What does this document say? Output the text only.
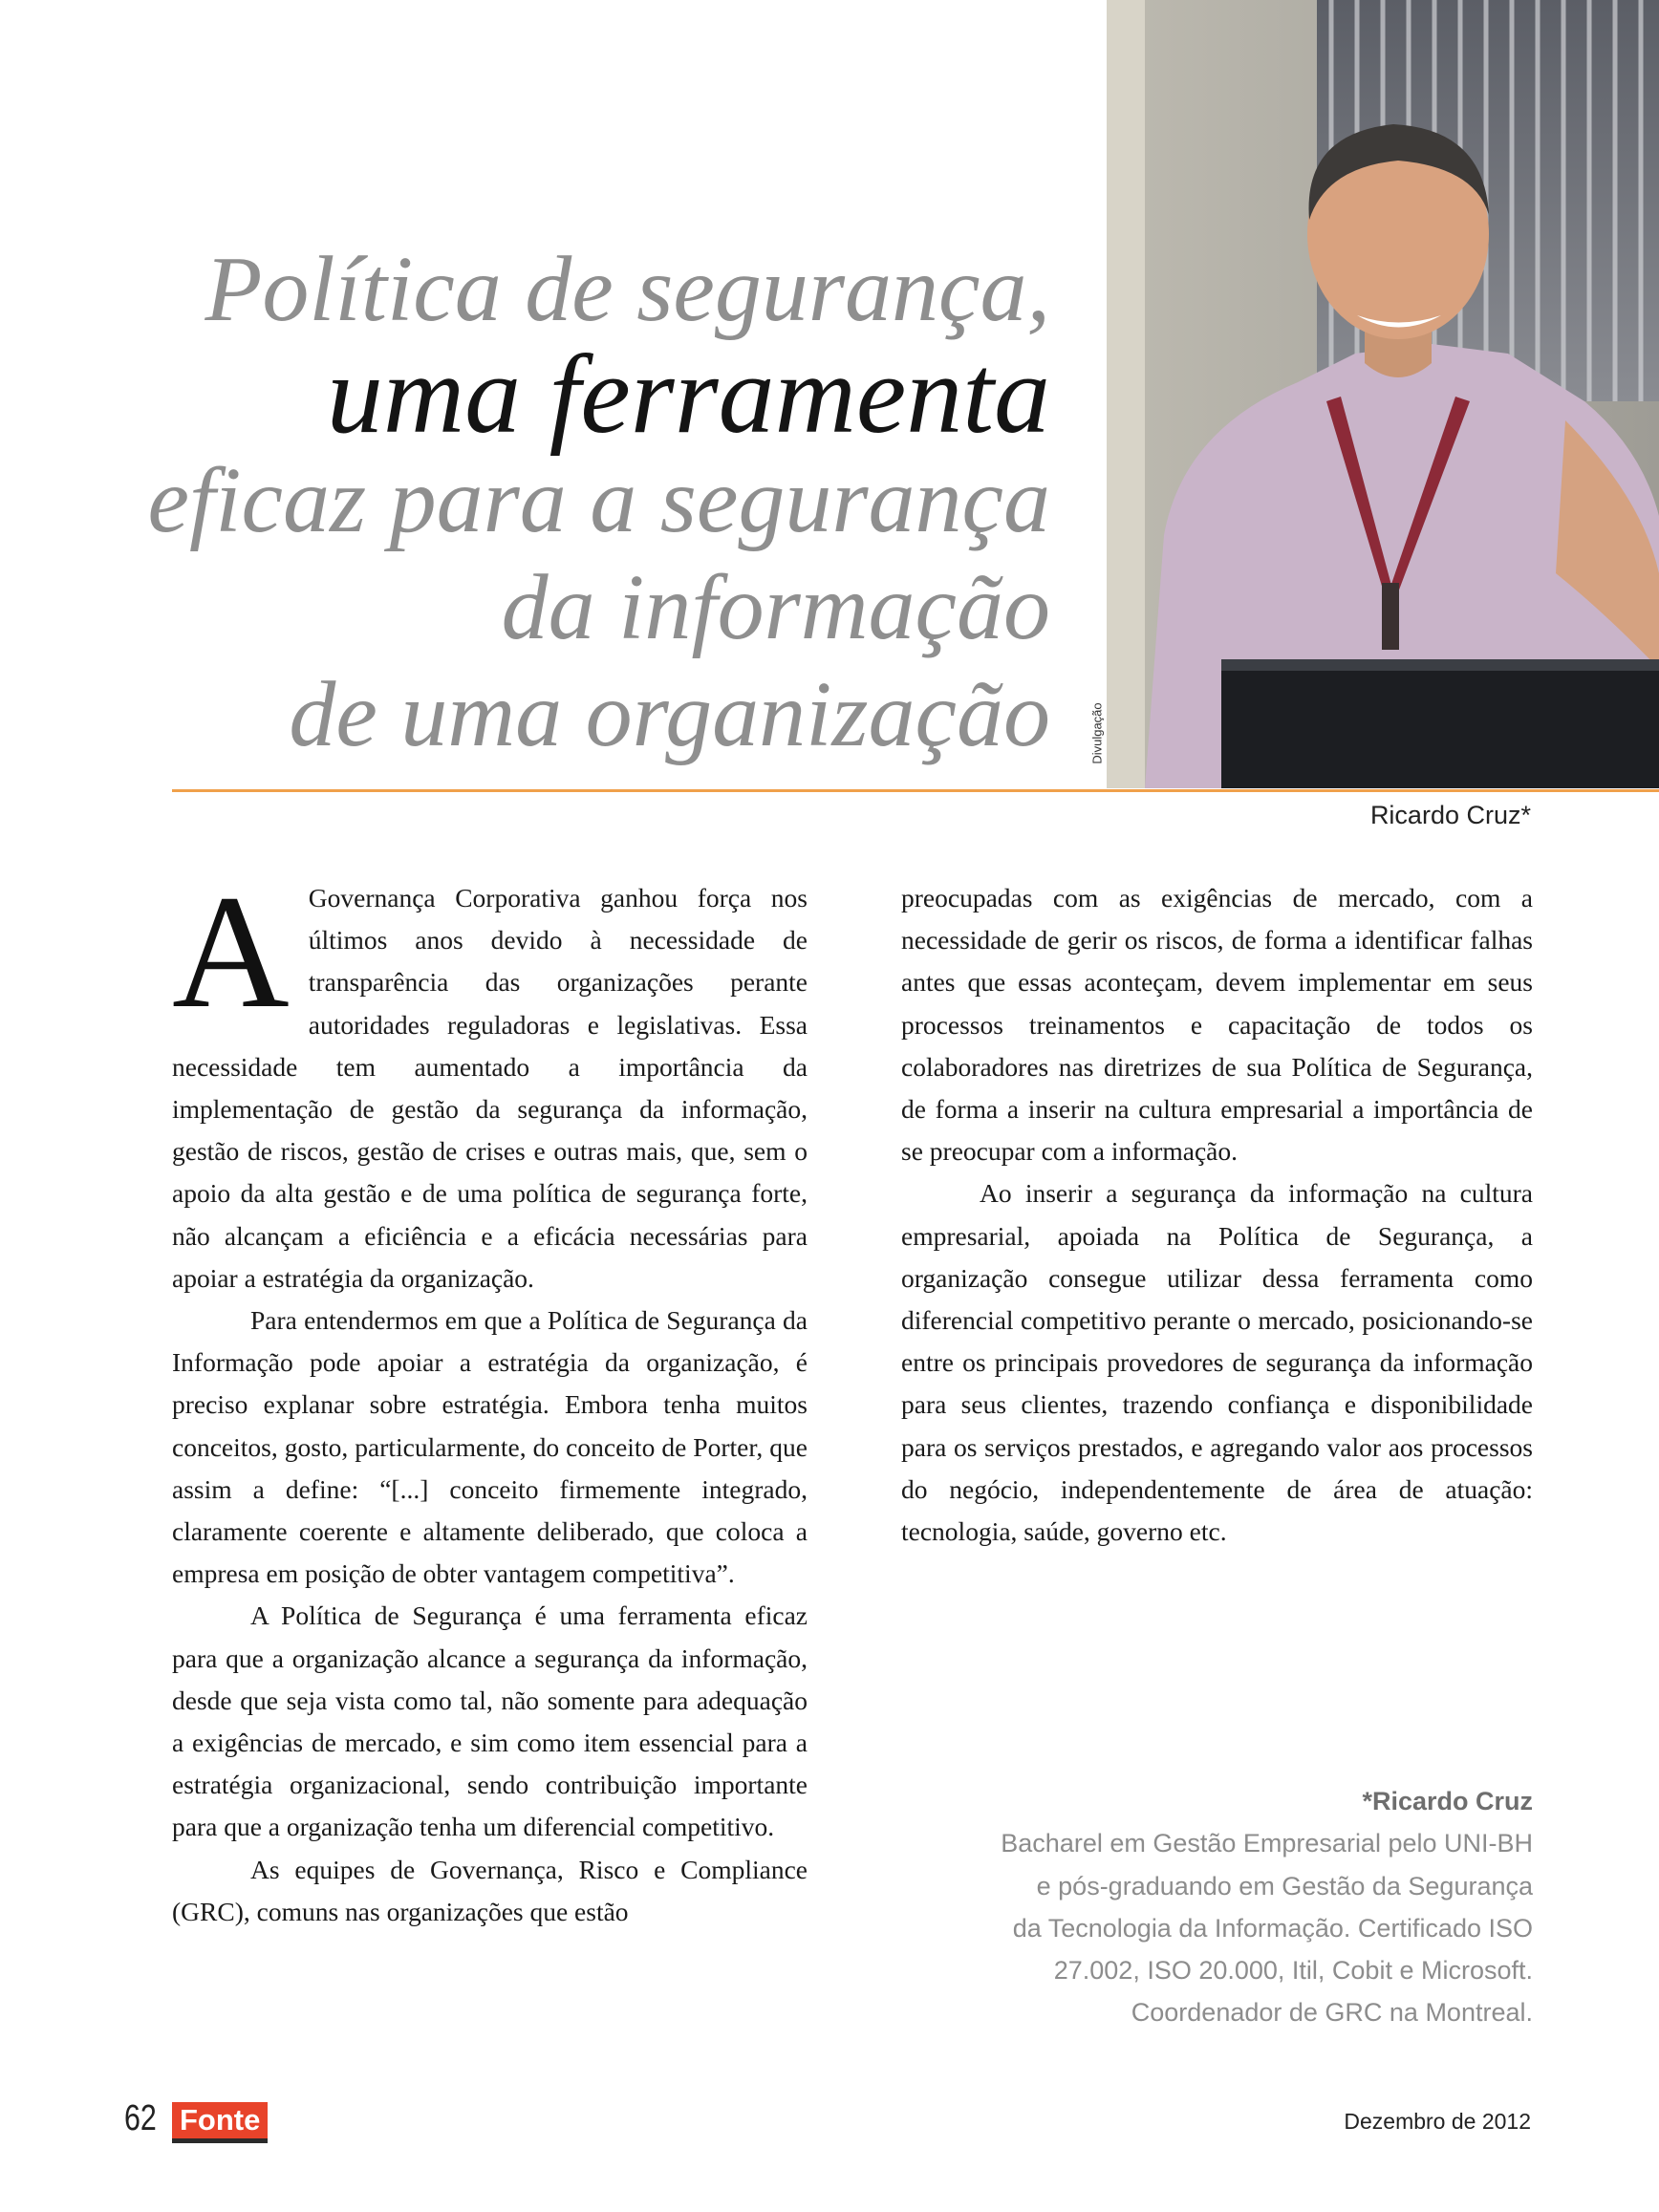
Política de segurança,
uma ferramenta
eficaz para a segurança
da informação
de uma organização	Divulgação
Ricardo Cruz*

A Governança Corporativa ganhou força nos últimos anos devido à necessidade de transparência das organizações perante autoridades reguladoras e legislativas. Essa necessidade tem aumentado a importância da implementação de gestão da segurança da informação, gestão de riscos, gestão de crises e outras mais, que, sem o apoio da alta gestão e de uma política de segurança forte, não alcançam a eficiência e a eficácia necessárias para apoiar a estratégia da organização.

Para entendermos em que a Política de Segurança da Informação pode apoiar a estratégia da organização, é preciso explanar sobre estratégia. Embora tenha muitos conceitos, gosto, particularmente, do conceito de Porter, que assim a define: “[...] conceito firmemente integrado, claramente coerente e altamente deliberado, que coloca a empresa em posição de obter vantagem competitiva”.

A Política de Segurança é uma ferramenta eficaz para que a organização alcance a segurança da informação, desde que seja vista como tal, não somente para adequação a exigências de mercado, e sim como item essencial para a estratégia organizacional, sendo contribuição importante para que a organização tenha um diferencial competitivo.

As equipes de Governança, Risco e Compliance (GRC), comuns nas organizações que estão

preocupadas com as exigências de mercado, com a necessidade de gerir os riscos, de forma a identificar falhas antes que essas aconteçam, devem implementar em seus processos treinamentos e capacitação de todos os colaboradores nas diretrizes de sua Política de Segurança, de forma a inserir na cultura empresarial a importância de se preocupar com a informação.

Ao inserir a segurança da informação na cultura empresarial, apoiada na Política de Segurança, a organização consegue utilizar dessa ferramenta como diferencial competitivo perante o mercado, posicionando-se entre os principais provedores de segurança da informação para seus clientes, trazendo confiança e disponibilidade para os serviços prestados, e agregando valor aos processos do negócio, independentemente de área de atuação: tecnologia, saúde, governo etc.

*Ricardo Cruz
Bacharel em Gestão Empresarial pelo UNI-BH
e pós-graduando em Gestão da Segurança
da Tecnologia da Informação. Certificado ISO
27.002, ISO 20.000, Itil, Cobit e Microsoft.
Coordenador de GRC na Montreal.
62 Fonte	Dezembro de 2012
